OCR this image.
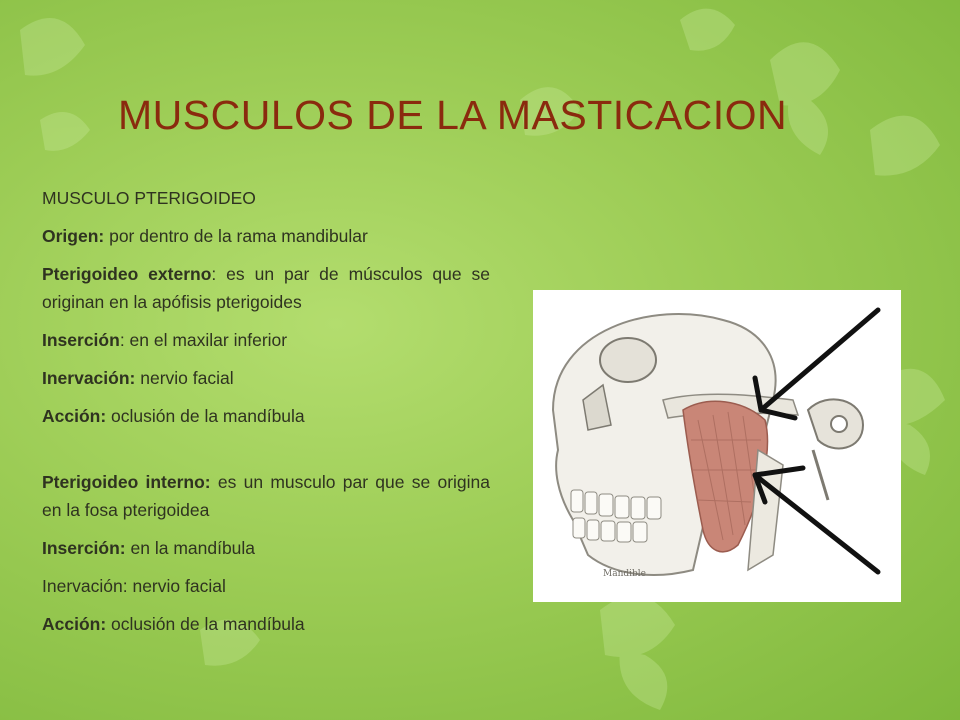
MUSCULOS DE LA MASTICACION

MUSCULO PTERIGOIDEO

Origen: por dentro de la rama mandibular

Pterigoideo externo: es un par de músculos que se originan en la apófisis pterigoides

Inserción: en el maxilar inferior

Inervación: nervio facial

Acción: oclusión de la mandíbula

Pterigoideo interno: es un musculo par que se origina en la fosa pterigoidea

Inserción: en la mandíbula

Inervación: nervio facial

Acción: oclusión de la mandíbula

Mandible
